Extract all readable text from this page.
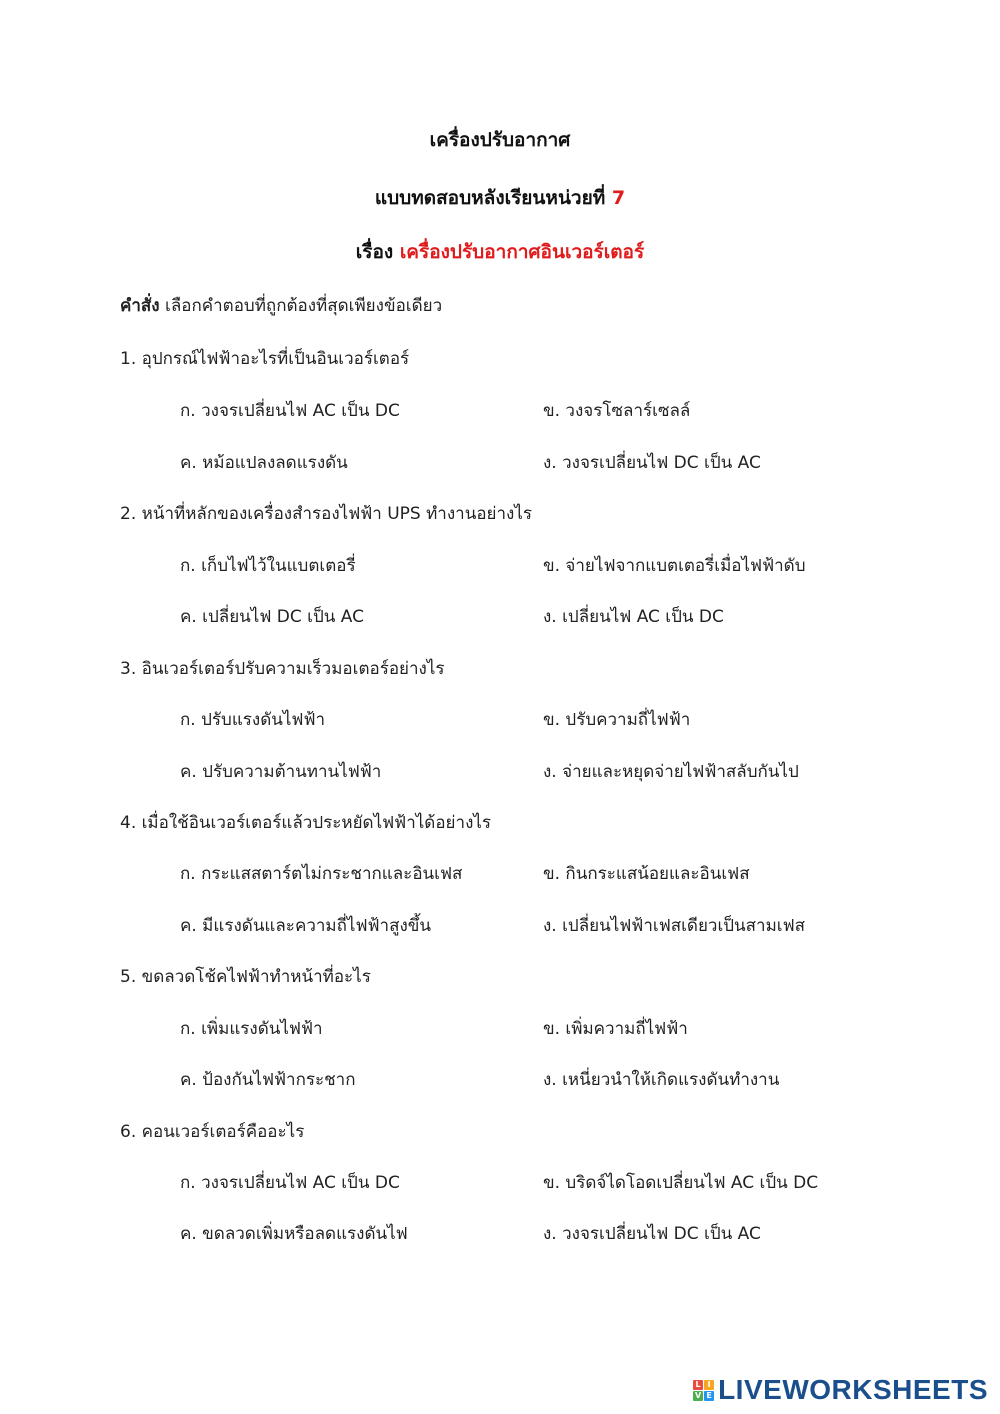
เครื่องปรับอากาศ
แบบทดสอบหลังเรียนหน่วยที่ 7
เรื่อง เครื่องปรับอากาศอินเวอร์เตอร์
คำสั่ง เลือกคำตอบที่ถูกต้องที่สุดเพียงข้อเดียว
1. อุปกรณ์ไฟฟ้าอะไรที่เป็นอินเวอร์เตอร์
ก. วงจรเปลี่ยนไฟ AC เป็น DC	ข. วงจรโซลาร์เซลล์
ค. หม้อแปลงลดแรงดัน	ง. วงจรเปลี่ยนไฟ DC เป็น AC
2. หน้าที่หลักของเครื่องสำรองไฟฟ้า UPS ทำงานอย่างไร
ก. เก็บไฟไว้ในแบตเตอรี่	ข. จ่ายไฟจากแบตเตอรี่เมื่อไฟฟ้าดับ
ค. เปลี่ยนไฟ DC เป็น AC	ง. เปลี่ยนไฟ AC เป็น DC
3. อินเวอร์เตอร์ปรับความเร็วมอเตอร์อย่างไร
ก. ปรับแรงดันไฟฟ้า	ข. ปรับความถี่ไฟฟ้า
ค. ปรับความต้านทานไฟฟ้า	ง. จ่ายและหยุดจ่ายไฟฟ้าสลับกันไป
4. เมื่อใช้อินเวอร์เตอร์แล้วประหยัดไฟฟ้าได้อย่างไร
ก. กระแสสตาร์ตไม่กระชากและอินเฟส	ข. กินกระแสน้อยและอินเฟส
ค. มีแรงดันและความถี่ไฟฟ้าสูงขึ้น	ง. เปลี่ยนไฟฟ้าเฟสเดียวเป็นสามเฟส
5. ขดลวดโช้คไฟฟ้าทำหน้าที่อะไร
ก. เพิ่มแรงดันไฟฟ้า	ข. เพิ่มความถี่ไฟฟ้า
ค. ป้องกันไฟฟ้ากระชาก	ง. เหนี่ยวนำให้เกิดแรงดันทำงาน
6. คอนเวอร์เตอร์คืออะไร
ก. วงจรเปลี่ยนไฟ AC เป็น DC	ข. บริดจ์ไดโอดเปลี่ยนไฟ AC เป็น DC
ค. ขดลวดเพิ่มหรือลดแรงดันไฟ	ง. วงจรเปลี่ยนไฟ DC เป็น AC
L I
V E LIVEWORKSHEETS
